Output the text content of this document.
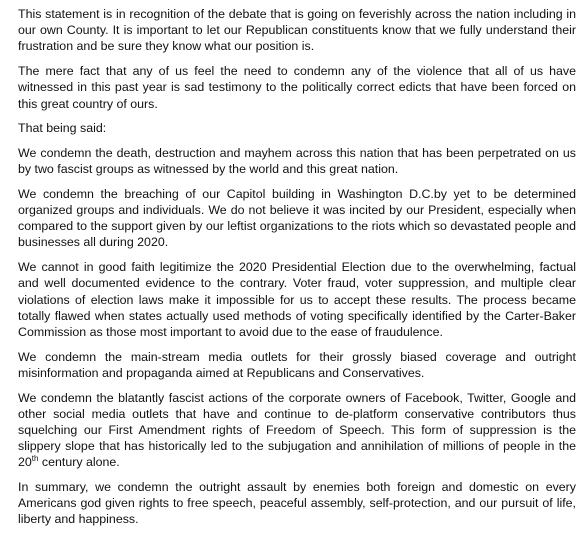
This statement is in recognition of the debate that is going on feverishly across the nation including in our own County. It is important to let our Republican constituents know that we fully understand their frustration and be sure they know what our position is.

The mere fact that any of us feel the need to condemn any of the violence that all of us have witnessed in this past year is sad testimony to the politically correct edicts that have been forced on this great country of ours.

That being said:

We condemn the death, destruction and mayhem across this nation that has been perpetrated on us by two fascist groups as witnessed by the world and this great nation.

We condemn the breaching of our Capitol building in Washington D.C.by yet to be determined organized groups and individuals. We do not believe it was incited by our President, especially when compared to the support given by our leftist organizations to the riots which so devastated people and businesses all during 2020.

We cannot in good faith legitimize the 2020 Presidential Election due to the overwhelming, factual and well documented evidence to the contrary. Voter fraud, voter suppression, and multiple clear violations of election laws make it impossible for us to accept these results. The process became totally flawed when states actually used methods of voting specifically identified by the Carter-Baker Commission as those most important to avoid due to the ease of fraudulence.

We condemn the main-stream media outlets for their grossly biased coverage and outright misinformation and propaganda aimed at Republicans and Conservatives.

We condemn the blatantly fascist actions of the corporate owners of Facebook, Twitter, Google and other social media outlets that have and continue to de-platform conservative contributors thus squelching our First Amendment rights of Freedom of Speech. This form of suppression is the slippery slope that has historically led to the subjugation and annihilation of millions of people in the 20th century alone.

In summary, we condemn the outright assault by enemies both foreign and domestic on every Americans god given rights to free speech, peaceful assembly, self-protection, and our pursuit of life, liberty and happiness.
